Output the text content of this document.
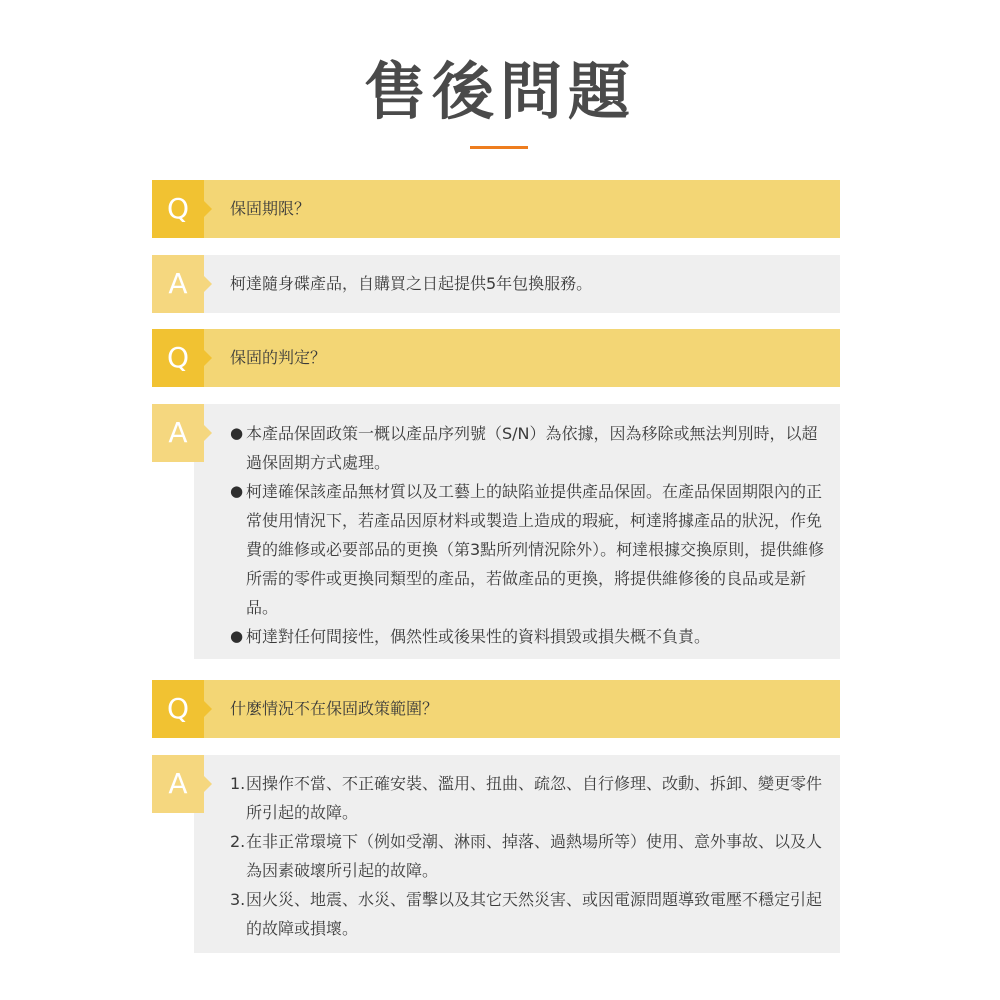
售後問題
Q	保固期限？
柯達隨身碟產品，自購買之日起提供5年包換服務。
A
Q	保固的判定？
● 本產品保固政策一概以產品序列號（S/N）為依據，因為移除或無法判別時，以超過保固期方式處理。
● 柯達確保該產品無材質以及工藝上的缺陷並提供產品保固。在產品保固期限內的正常使用情況下，若產品因原材料或製造上造成的瑕疵，柯達將據產品的狀況，作免費的維修或必要部品的更換（第3點所列情況除外）。柯達根據交換原則，提供維修所需的零件或更換同類型的產品，若做產品的更換，將提供維修後的良品或是新品。
● 柯達對任何間接性，偶然性或後果性的資料損毀或損失概不負責。
A
Q	什麼情況不在保固政策範圍？
1. 因操作不當、不正確安裝、濫用、扭曲、疏忽、自行修理、改動、拆卸、變更零件所引起的故障。
2. 在非正常環境下（例如受潮、淋雨、掉落、過熱場所等）使用、意外事故、以及人為因素破壞所引起的故障。
3. 因火災、地震、水災、雷擊以及其它天然災害、或因電源問題導致電壓不穩定引起的故障或損壞。
A
